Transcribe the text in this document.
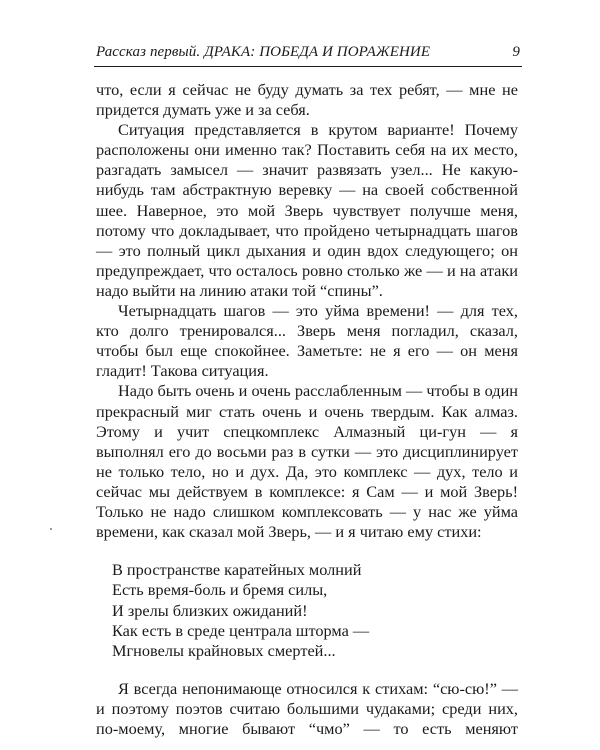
Рассказ первый. ДРАКА: ПОБЕДА И ПОРАЖЕНИЕ	9

что, если я сейчас не буду думать за тех ребят, — мне не придется думать уже и за себя.

Ситуация представляется в крутом варианте! Почему расположены они именно так? Поставить себя на их место, разгадать замысел — значит развязать узел... Не какую-нибудь там абстрактную веревку — на своей собственной шее. Наверное, это мой Зверь чувствует получше меня, потому что докладывает, что пройдено четырнадцать шагов — это полный цикл дыхания и один вдох следующего; он предупреждает, что осталось ровно столько же — и на атаки надо выйти на линию атаки той “спины”.

Четырнадцать шагов — это уйма времени! — для тех, кто долго тренировался... Зверь меня погладил, сказал, чтобы был еще спокойнее. Заметьте: не я его — он меня гладит! Такова ситуация.

Надо быть очень и очень расслабленным — чтобы в один прекрасный миг стать очень и очень твердым. Как алмаз. Этому и учит спецкомплекс Алмазный ци-гун — я выполнял его до восьми раз в сутки — это дисциплинирует не только тело, но и дух. Да, это комплекс — дух, тело и сейчас мы действуем в комплексе: я Сам — и мой Зверь! Только не надо слишком комплексовать — у нас же уйма времени, как сказал мой Зверь, — и я читаю ему стихи:

В пространстве каратейных молний
Есть время-боль и бремя силы,
И зрелы близких ожиданий!
Как есть в среде централа шторма —
Мгновелы крайновых смертей...

Я всегда непонимающе относился к стихам: “сю-сю!” — и поэтому поэтов считаю большими чудаками; среди них, по-моему, многие бывают “чмо” — то есть меняют
